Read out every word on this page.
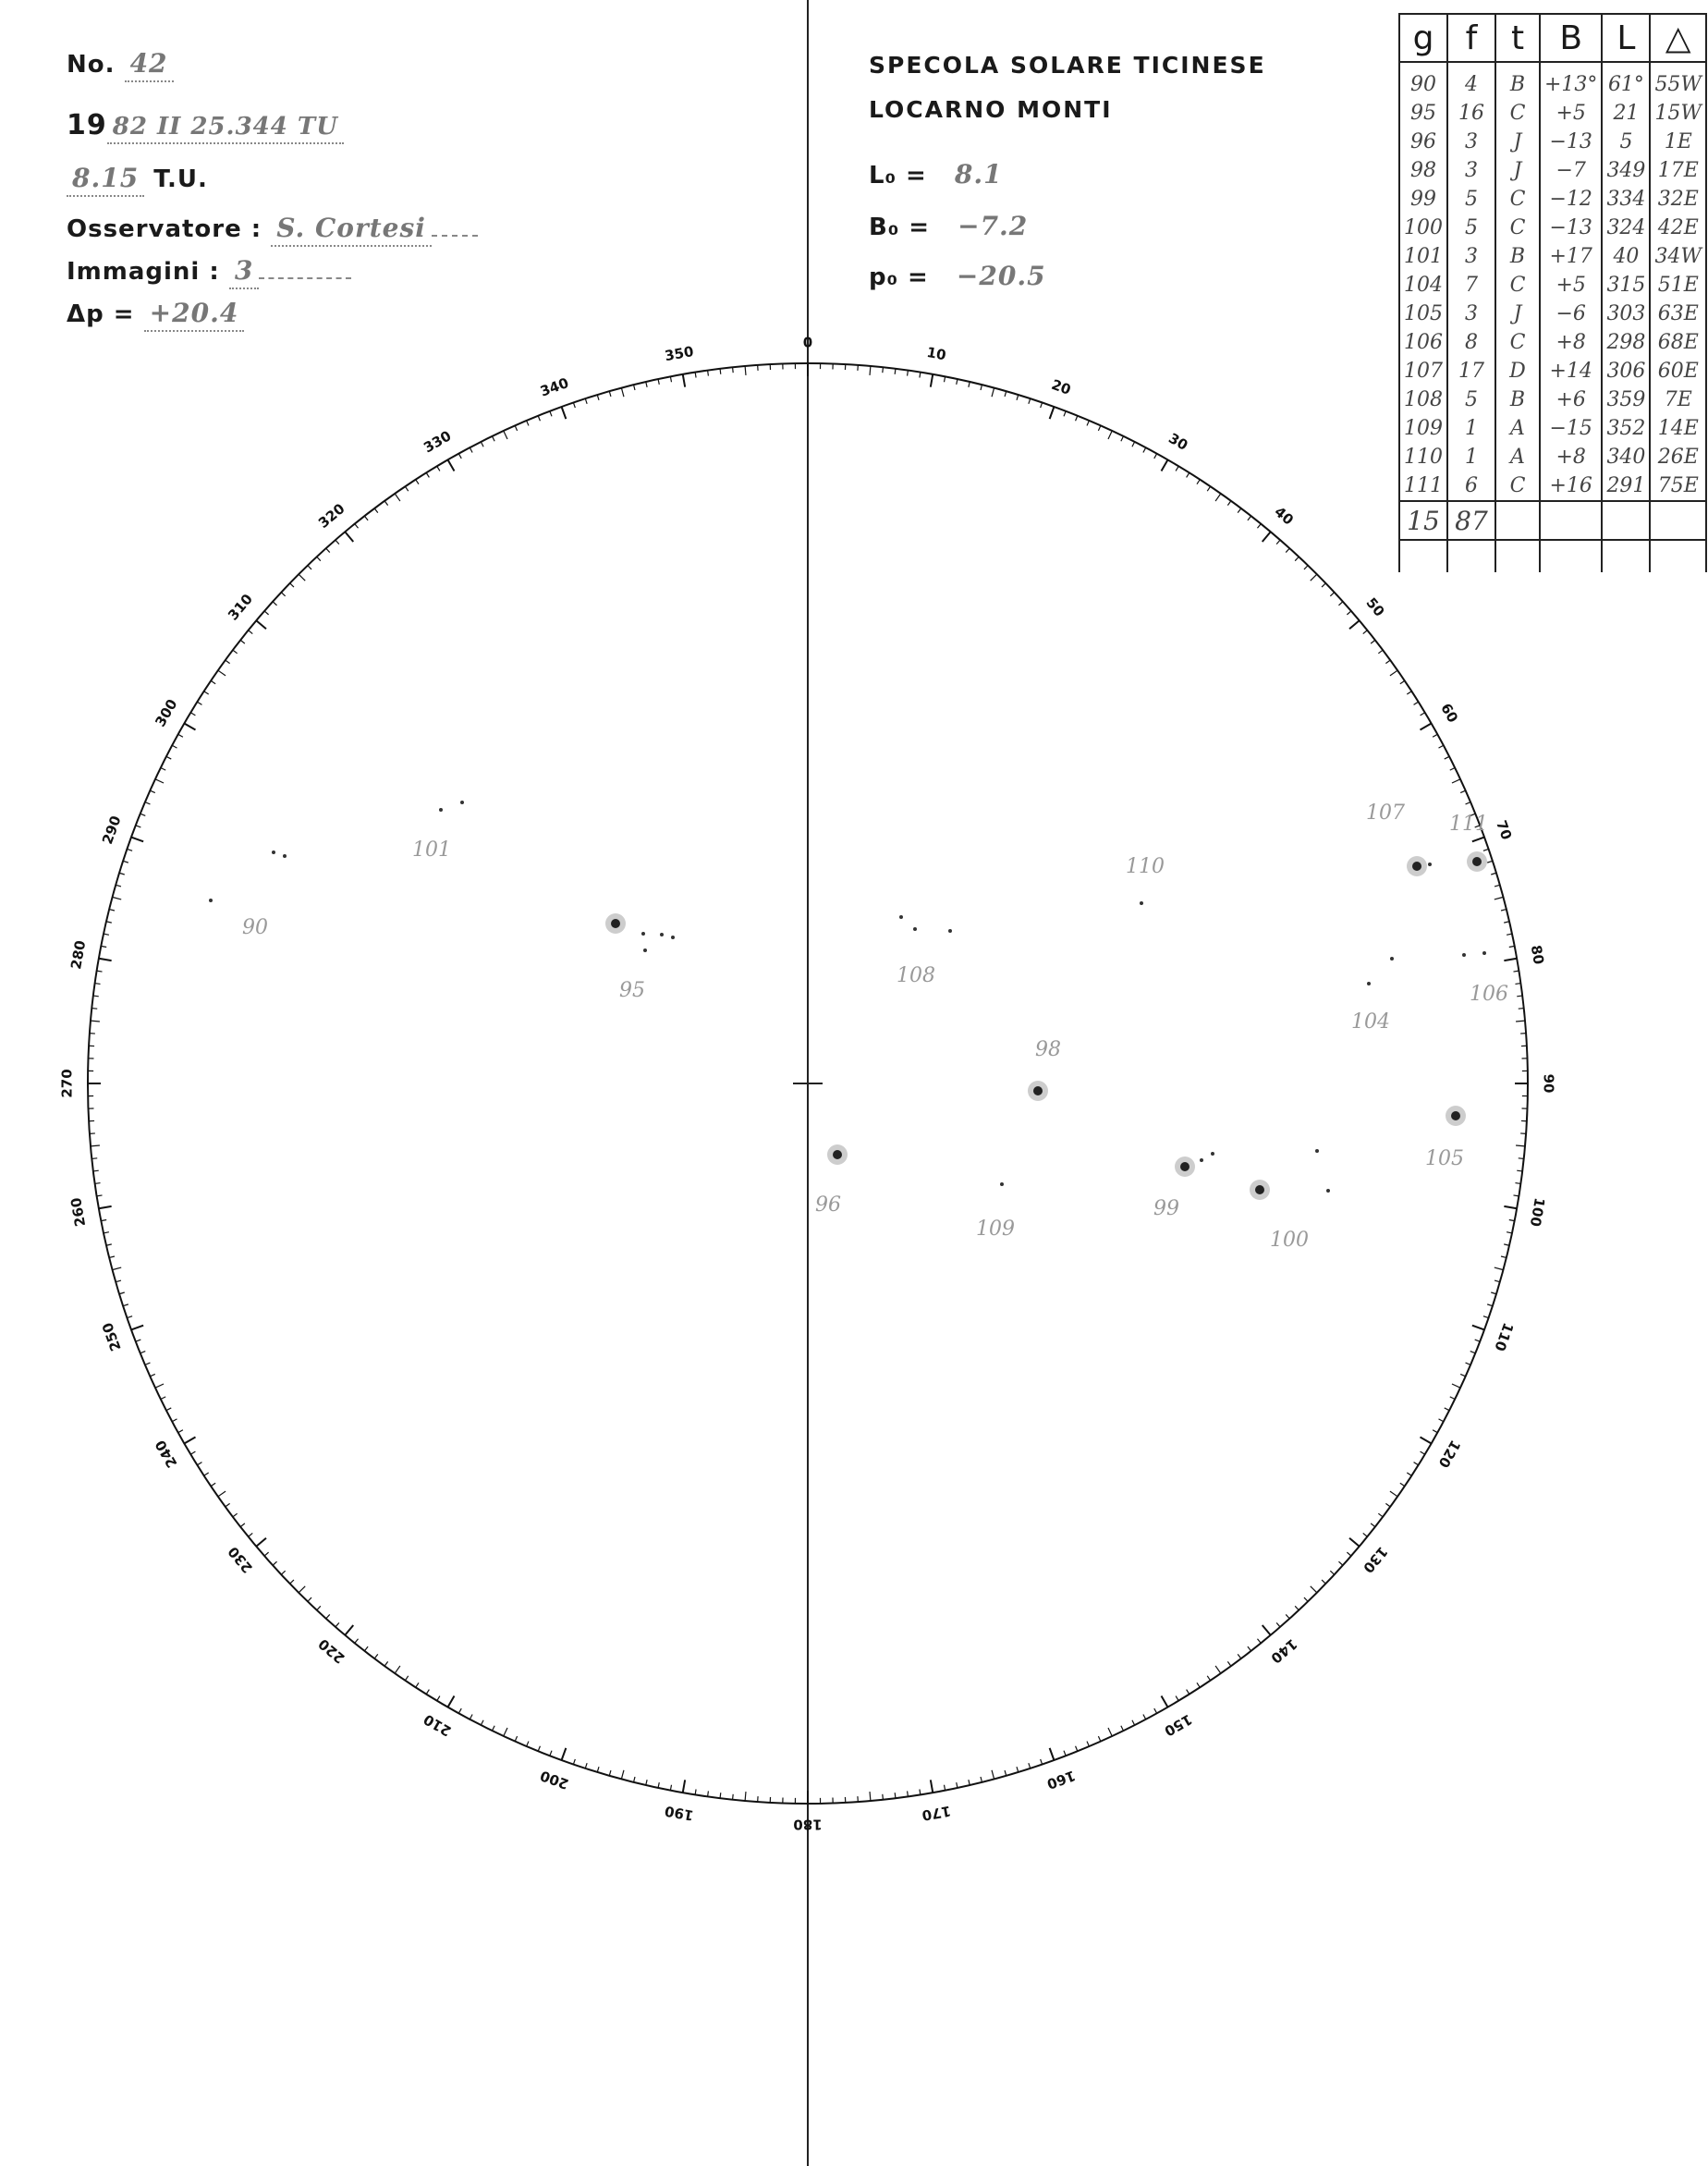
No. 42
19 82 II 25.344 TU
8.15 T.U.
Osservatore : S. Cortesi
Immagini : 3
Δp = +20.4
SPECOLA SOLARE TICINESE
LOCARNO MONTI
L₀ = 8.1
B₀ = −7.2
p₀ = −20.5
g	f	t	B	L	△
90	4	B	+13°	61°	55W
95	16	C	+5	21	15W
96	3	J	−13	5	1E
98	3	J	−7	349	17E
99	5	C	−12	334	32E
100	5	C	−13	324	42E
101	3	B	+17	40	34W
104	7	C	+5	315	51E
105	3	J	−6	303	63E
106	8	C	+8	298	68E
107	17	D	+14	306	60E
108	5	B	+6	359	7E
109	1	A	−15	352	14E
110	1	A	+8	340	26E
111	6	C	+16	291	75E
15	87				

0
10
20
30
40
50
60
70
80
90
100
110
120
130
140
150
160
170
180
190
200
210
220
230
240
250
260
270
280
290
300
310
320
330
340
350
90
101
95
108
110
107 111
104
106
98
105
96
109
99
100
